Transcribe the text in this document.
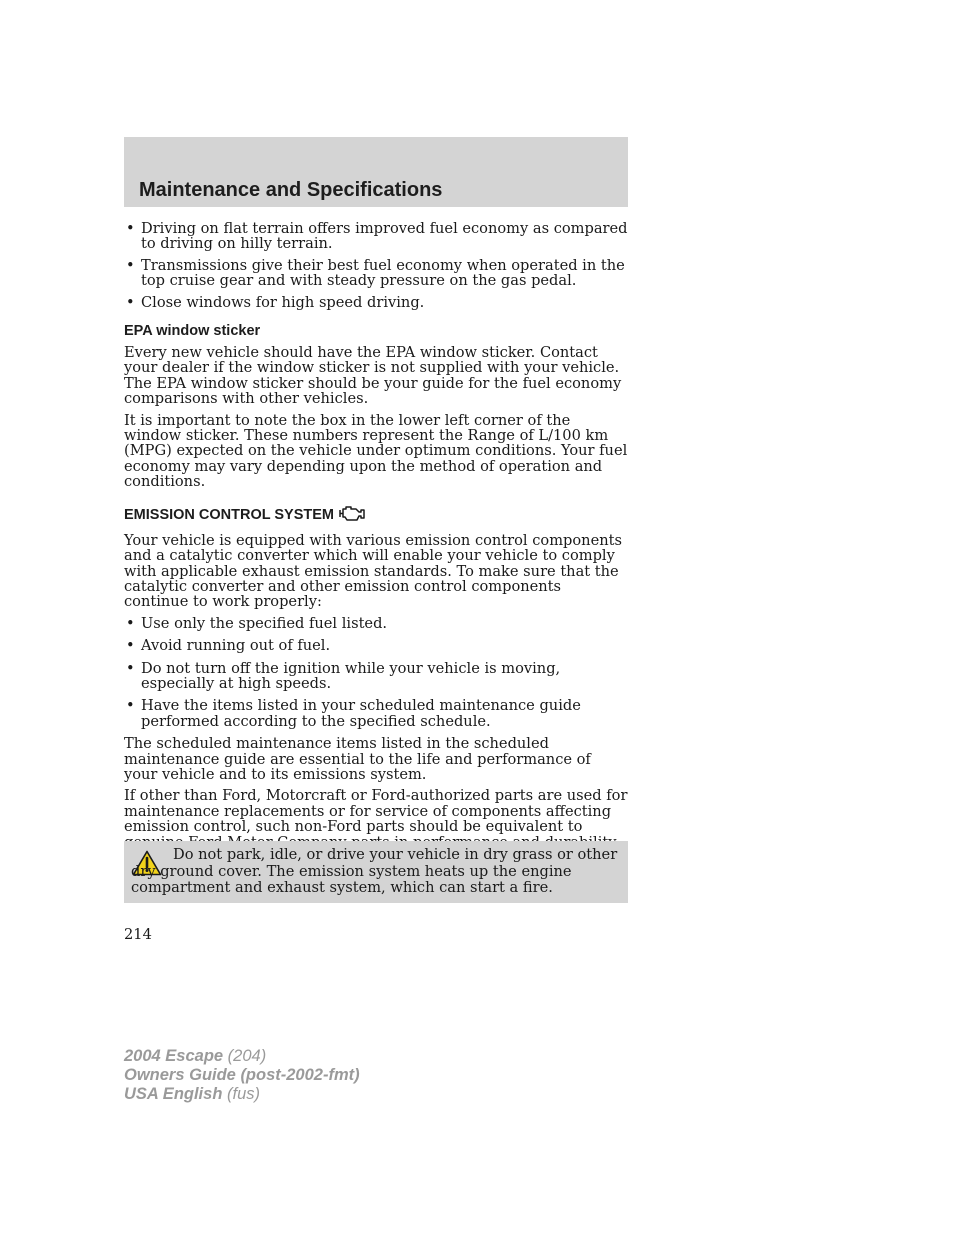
Maintenance and Specifications
• Driving on flat terrain offers improved fuel economy as compared to driving on hilly terrain.
• Transmissions give their best fuel economy when operated in the top cruise gear and with steady pressure on the gas pedal.
• Close windows for high speed driving.
EPA window sticker

Every new vehicle should have the EPA window sticker. Contact your dealer if the window sticker is not supplied with your vehicle. The EPA window sticker should be your guide for the fuel economy comparisons with other vehicles.

It is important to note the box in the lower left corner of the window sticker. These numbers represent the Range of L/100 km (MPG) expected on the vehicle under optimum conditions. Your fuel economy may vary depending upon the method of operation and conditions.

EMISSION CONTROL SYSTEM

Your vehicle is equipped with various emission control components and a catalytic converter which will enable your vehicle to comply with applicable exhaust emission standards. To make sure that the catalytic converter and other emission control components continue to work properly:

• Use only the specified fuel listed.
• Avoid running out of fuel.
• Do not turn off the ignition while your vehicle is moving, especially at high speeds.
• Have the items listed in your scheduled maintenance guide performed according to the specified schedule.

The scheduled maintenance items listed in the scheduled maintenance guide are essential to the life and performance of your vehicle and to its emissions system.

If other than Ford, Motorcraft or Ford-authorized parts are used for maintenance replacements or for service of components affecting emission control, such non-Ford parts should be equivalent to

Do not park, idle, or drive your vehicle in dry grass or other dry ground cover. The emission system heats up the engine compartment and exhaust system, which can start a fire.

214
2004 Escape (204)
Owners Guide (post-2002-fmt)
USA English (fus)
